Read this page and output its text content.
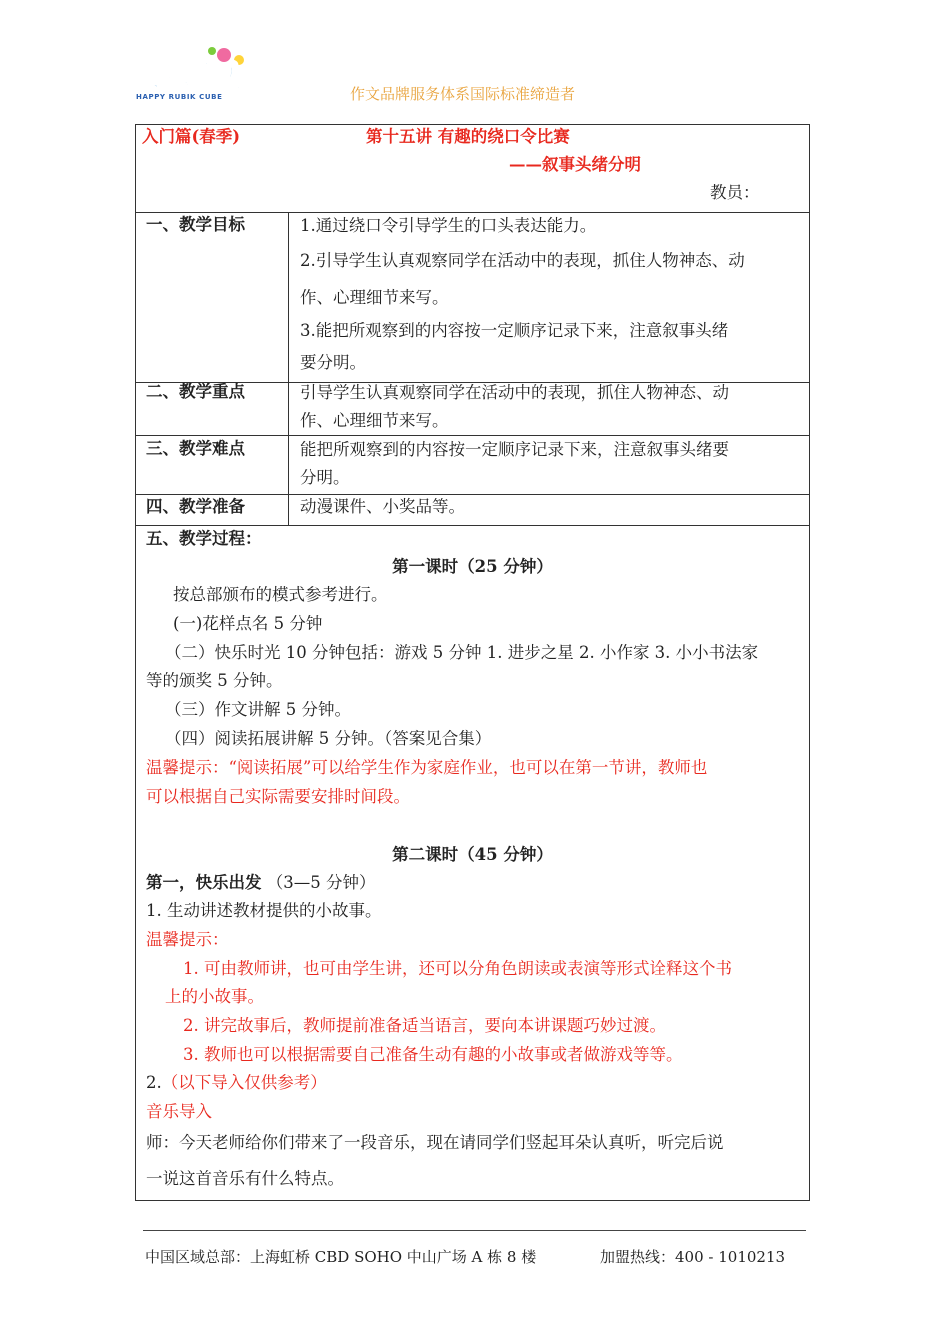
快乐魔方
HAPPY RUBIK CUBE	作文品牌服务体系国际标准缔造者
入门篇(春季)	第十五讲 有趣的绕口令比赛
——叙事头绪分明
教员：
一、教学目标	1.通过绕口令引导学生的口头表达能力。
2.引导学生认真观察同学在活动中的表现，抓住人物神态、动
作、心理细节来写。
3.能把所观察到的内容按一定顺序记录下来，注意叙事头绪
要分明。
二、教学重点	引导学生认真观察同学在活动中的表现，抓住人物神态、动
作、心理细节来写。
三、教学难点	能把所观察到的内容按一定顺序记录下来，注意叙事头绪要
分明。
四、教学准备	动漫课件、小奖品等。
五、教学过程：
第一课时（25 分钟）
按总部颁布的模式参考进行。
(一)花样点名 5 分钟
（二）快乐时光 10 分钟包括：游戏 5 分钟 1. 进步之星 2. 小作家 3. 小小书法家
等的颁奖 5 分钟。
（三）作文讲解 5 分钟。
（四）阅读拓展讲解 5 分钟。（答案见合集）
温馨提示：“阅读拓展”可以给学生作为家庭作业，也可以在第一节讲，教师也
可以根据自己实际需要安排时间段。
第二课时（45 分钟）
第一，快乐出发 （3—5 分钟）
1. 生动讲述教材提供的小故事。
温馨提示：
1. 可由教师讲，也可由学生讲，还可以分角色朗读或表演等形式诠释这个书
上的小故事。
2. 讲完故事后，教师提前准备适当语言，要向本讲课题巧妙过渡。
3. 教师也可以根据需要自己准备生动有趣的小故事或者做游戏等等。
2.（以下导入仅供参考）
音乐导入
师：今天老师给你们带来了一段音乐，现在请同学们竖起耳朵认真听，听完后说
一说这首音乐有什么特点。
中国区域总部：上海虹桥 CBD SOHO 中山广场 A 栋 8 楼	加盟热线：400 - 1010213
